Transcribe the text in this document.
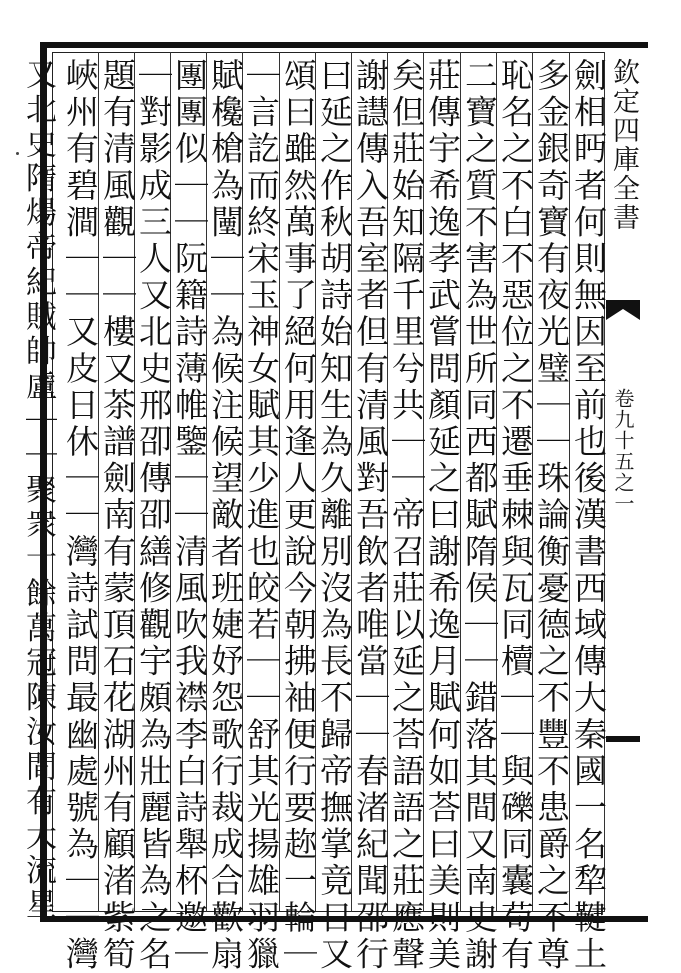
欽定四庫全書
卷九十五之一
劍相眄者何則無因至前也後漢書西域傳大秦國一名犂鞬土
多金銀奇寶有夜光璧｜｜珠論衡憂德之不豐不患爵之不尊
恥名之不白不惡位之不遷垂棘與瓦同櫝｜｜與礫同囊苟有
二寶之質不害為世所同西都賦隋侯｜｜錯落其間又南史謝
莊傳宇希逸孝武嘗問顏延之曰謝希逸月賦何如荅曰美則美
矣但莊始知隔千里兮共｜｜帝召莊以延之荅語語之莊應聲
謝譿傳入吾室者但有清風對吾飲者唯當｜｜春渚紀聞邵行
曰延之作秋胡詩始知生為久離別沒為長不歸帝撫掌竟日又
頌曰雖然萬事了絕何用逢人更說今朝拂袖便行要趂一輪｜
｜言訖而終宋玉神女賦其少進也皎若｜｜舒其光揚雄羽獵
賦欃槍為闉｜｜為候注候望敵者班婕妤怨歌行裁成合歡扇
團團似｜｜阮籍詩薄帷鑒｜｜清風吹我襟李白詩舉杯邀｜
｜對影成三人又北史邢卲傳卲繕修觀宇頗為壯麗皆為之名
題有清風觀｜｜樓又茶譜劍南有蒙頂石花湖州有顧渚紫筍
峽州有碧澗｜｜又皮日休｜｜灣詩試問最幽處號為｜｜灣
又北史隋煬帝紀賊帥盧｜｜聚衆十餘萬冠陳汝間有大流星
